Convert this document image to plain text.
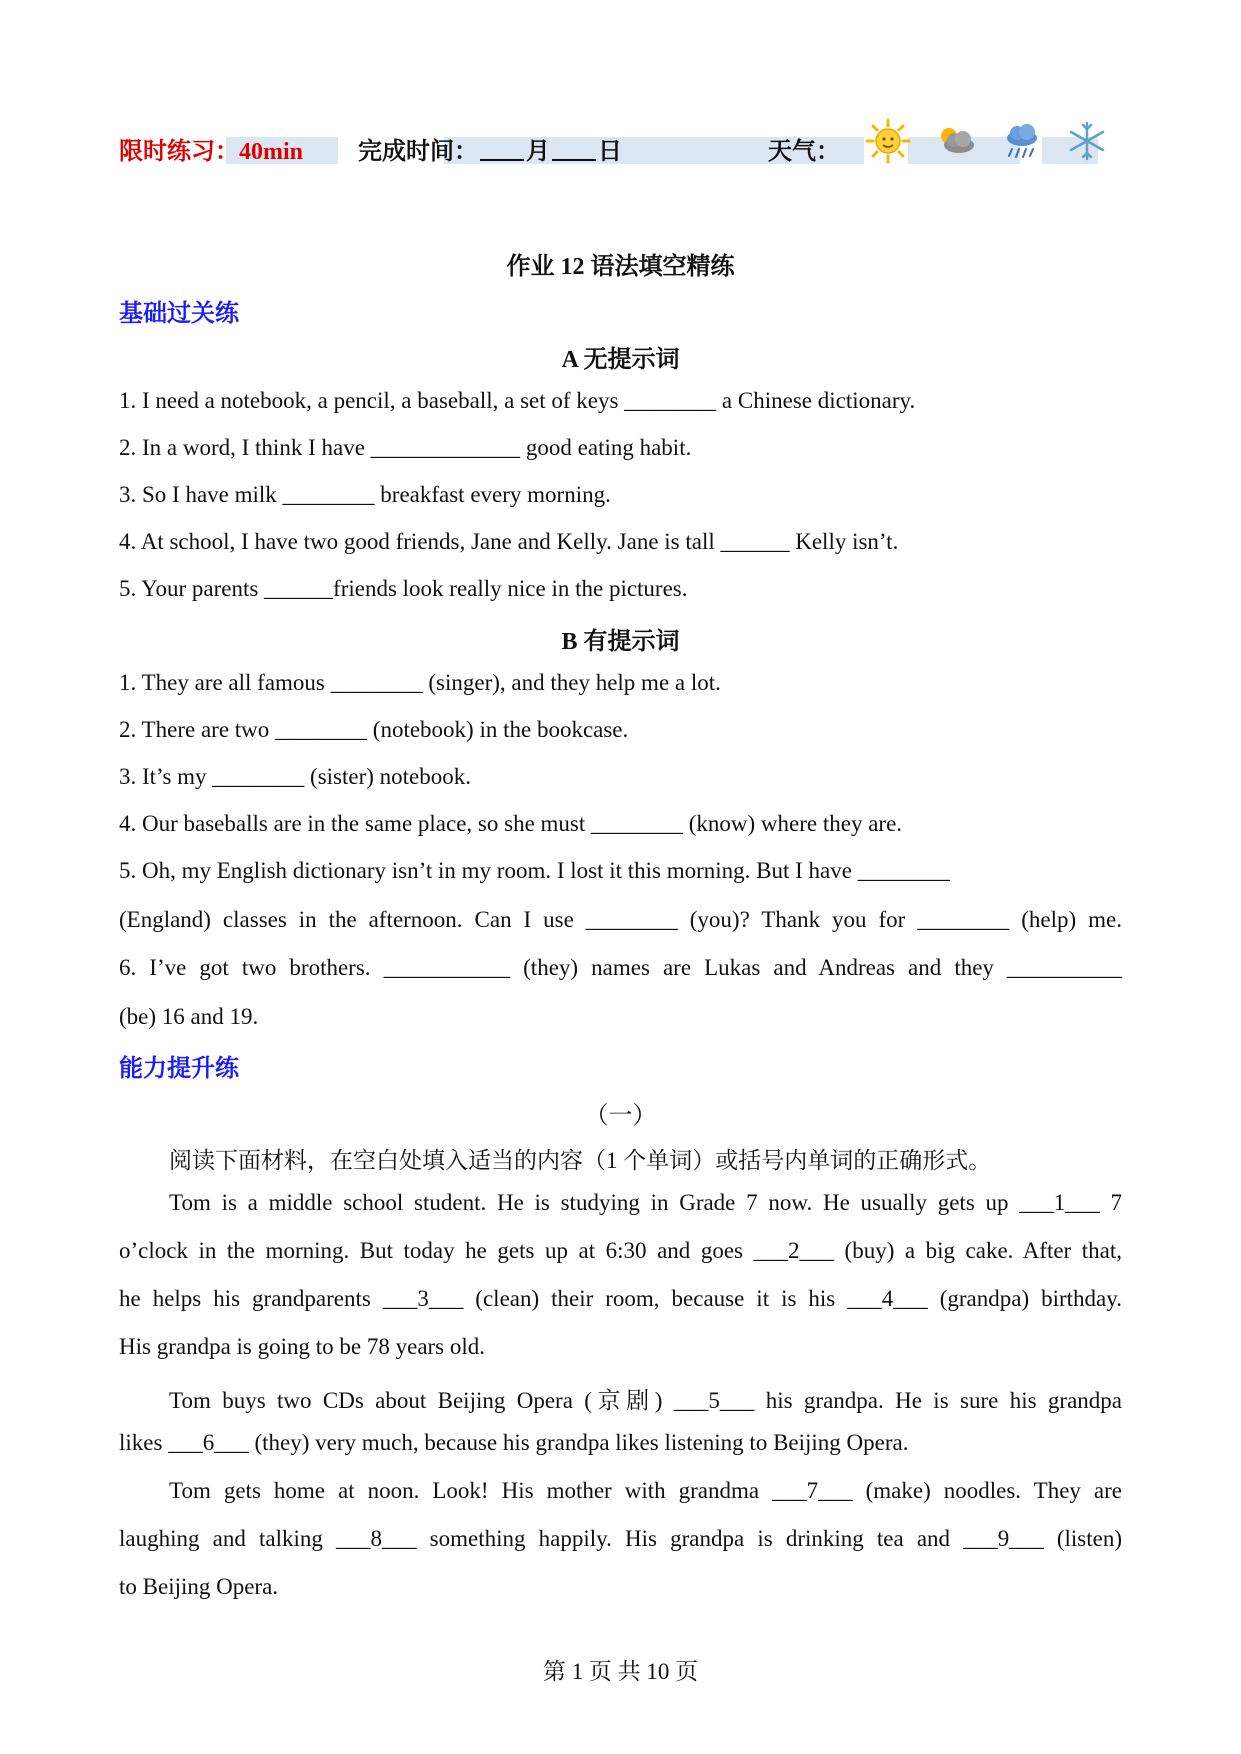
限时练习：40min 完成时间： 月 日	天气：
作业 12 语法填空精练
基础过关练
A 无提示词
1. I need a notebook, a pencil, a baseball, a set of keys ________ a Chinese dictionary.
2. In a word, I think I have _____________ good eating habit.
3. So I have milk ________ breakfast every morning.
4. At school, I have two good friends, Jane and Kelly. Jane is tall ______ Kelly isn’t.
5. Your parents ______friends look really nice in the pictures.
B 有提示词
1. They are all famous ________ (singer), and they help me a lot.
2. There are two ________ (notebook) in the bookcase.
3. It’s my ________ (sister) notebook.
4. Our baseballs are in the same place, so she must ________ (know) where they are.
5. Oh, my English dictionary isn’t in my room. I lost it this morning. But I have ________
(England) classes in the afternoon. Can I use ________ (you)? Thank you for ________ (help) me.
6. I’ve got two brothers. ___________ (they) names are Lukas and Andreas and they __________
(be) 16 and 19.
能力提升练
（一）
阅读下面材料，在空白处填入适当的内容（1 个单词）或括号内单词的正确形式。
Tom is a middle school student. He is studying in Grade 7 now. He usually gets up ___1___ 7
o’clock in the morning. But today he gets up at 6:30 and goes ___2___ (buy) a big cake. After that,
he helps his grandparents ___3___ (clean) their room, because it is his ___4___ (grandpa) birthday.
His grandpa is going to be 78 years old.
Tom buys two CDs about Beijing Opera (京剧) ___5___ his grandpa. He is sure his grandpa
likes ___6___ (they) very much, because his grandpa likes listening to Beijing Opera.
Tom gets home at noon. Look! His mother with grandma ___7___ (make) noodles. They are
laughing and talking ___8___ something happily. His grandpa is drinking tea and ___9___ (listen)
to Beijing Opera.
第 1 页 共 10 页
